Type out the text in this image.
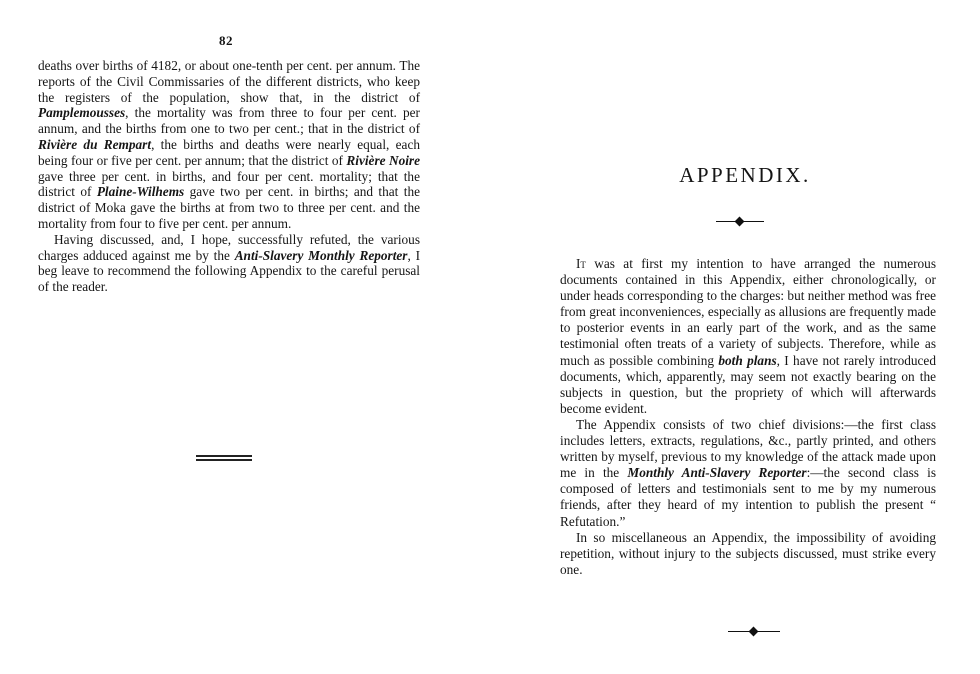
82

deaths over births of 4182, or about one-tenth per cent. per annum. The reports of the Civil Commissaries of the different districts, who keep the registers of the population, show that, in the district of Pamplemousses, the mortality was from three to four per cent. per annum, and the births from one to two per cent.; that in the district of Rivière du Rempart, the births and deaths were nearly equal, each being four or five per cent. per annum; that the district of Rivière Noire gave three per cent. in births, and four per cent. mortality; that the district of Plaine-Wilhems gave two per cent. in births; and that the district of Moka gave the births at from two to three per cent. and the mortality from four to five per cent. per annum.

Having discussed, and, I hope, successfully refuted, the various charges adduced against me by the Anti-Slavery Monthly Reporter, I beg leave to recommend the following Appendix to the careful perusal of the reader.

APPENDIX.

It was at first my intention to have arranged the numerous documents contained in this Appendix, either chronologically, or under heads corresponding to the charges: but neither method was free from great inconveniences, especially as allusions are frequently made to posterior events in an early part of the work, and as the same testimonial often treats of a variety of subjects. Therefore, while as much as possible combining both plans, I have not rarely introduced documents, which, apparently, may seem not exactly bearing on the subjects in question, but the propriety of which will afterwards become evident.

The Appendix consists of two chief divisions:—the first class includes letters, extracts, regulations, &c., partly printed, and others written by myself, previous to my knowledge of the attack made upon me in the Monthly Anti-Slavery Reporter:—the second class is composed of letters and testimonials sent to me by my numerous friends, after they heard of my intention to publish the present “ Refutation.”

In so miscellaneous an Appendix, the impossibility of avoiding repetition, without injury to the subjects discussed, must strike every one.
